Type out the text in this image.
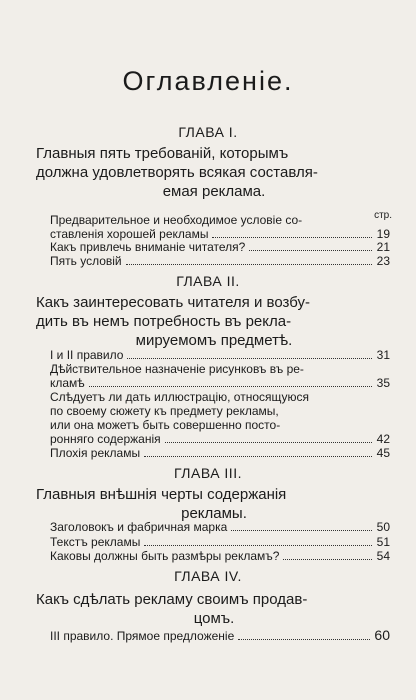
Оглавленіе.
ГЛАВА I.
Главныя пять требованій, которымъ
должна удовлетворять всякая составля-
емая реклама.
стр.
Предварительное и необходимое условіе со-
ставленія хорошей рекламы	19
Какъ привлечь вниманіе читателя?	21
Пять условій	23
ГЛАВА II.
Какъ заинтересовать читателя и возбу-
дить въ немъ потребность въ рекла-
мируемомъ предметѣ.
I и II правило	31
Дѣйствительное назначеніе рисунковъ въ ре-
кламѣ	35
Слѣдуетъ ли дать иллюстрацію, относящуюся
по своему сюжету къ предмету рекламы,
или она можетъ быть совершенно посто-
ронняго содержанія	42
Плохія рекламы	45
ГЛАВА III.
Главныя внѣшнія черты содержанія
рекламы.
Заголовокъ и фабричная марка	50
Текстъ рекламы	51
Каковы должны быть размѣры рекламъ?	54
ГЛАВА IV.
Какъ сдѣлать рекламу своимъ продав-
цомъ.
III правило. Прямое предложеніе	60
